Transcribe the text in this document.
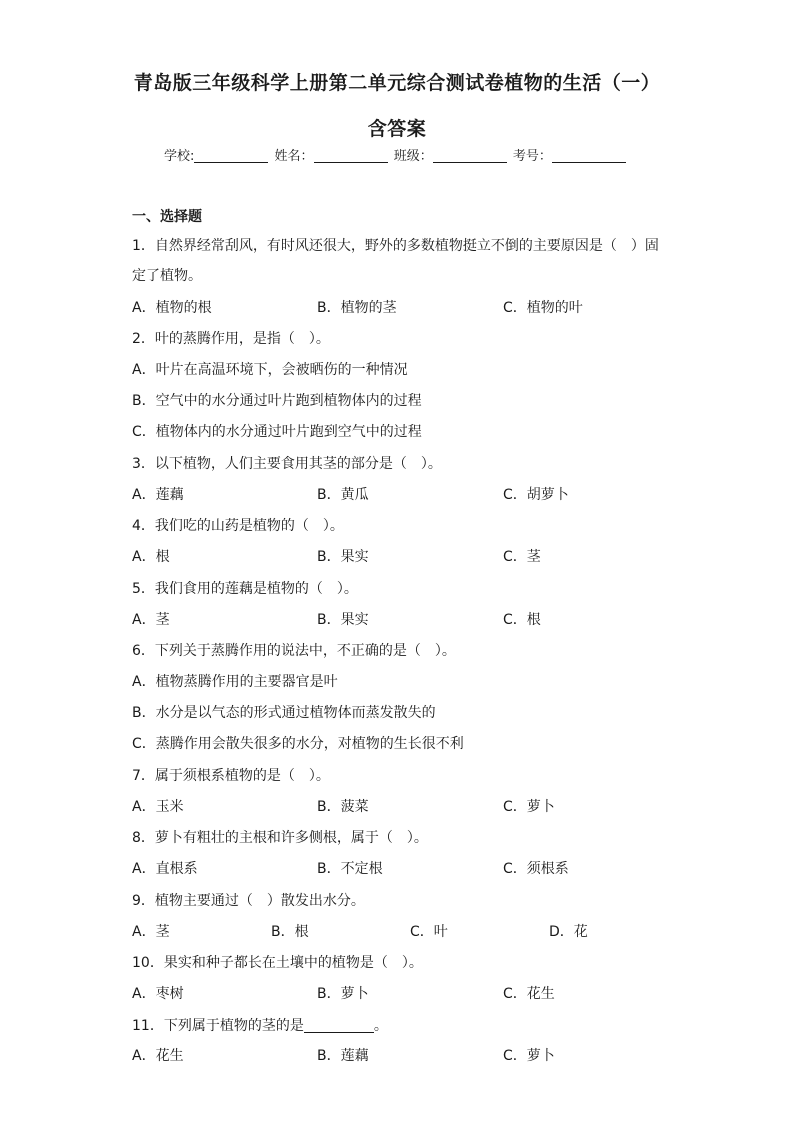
青岛版三年级科学上册第二单元综合测试卷植物的生活（一）
含答案
学校:	姓名：	班级：	考号：
一、选择题
1．自然界经常刮风，有时风还很大，野外的多数植物挺立不倒的主要原因是（　）固
定了植物。
A．植物的根	B．植物的茎	C．植物的叶
2．叶的蒸腾作用，是指（　）。
A．叶片在高温环境下，会被晒伤的一种情况
B．空气中的水分通过叶片跑到植物体内的过程
C．植物体内的水分通过叶片跑到空气中的过程
3．以下植物，人们主要食用其茎的部分是（　）。
A．莲藕	B．黄瓜	C．胡萝卜
4．我们吃的山药是植物的（　）。
A．根	B．果实	C．茎
5．我们食用的莲藕是植物的（　）。
A．茎	B．果实	C．根
6．下列关于蒸腾作用的说法中，不正确的是（　）。
A．植物蒸腾作用的主要器官是叶
B．水分是以气态的形式通过植物体而蒸发散失的
C．蒸腾作用会散失很多的水分，对植物的生长很不利
7．属于须根系植物的是（　）。
A．玉米	B．菠菜	C．萝卜
8．萝卜有粗壮的主根和许多侧根，属于（　）。
A．直根系	B．不定根	C．须根系
9．植物主要通过（　）散发出水分。
A．茎	B．根	C．叶	D．花
10．果实和种子都长在土壤中的植物是（　）。
A．枣树	B．萝卜	C．花生
11．下列属于植物的茎的是	。
A．花生	B．莲藕	C．萝卜
